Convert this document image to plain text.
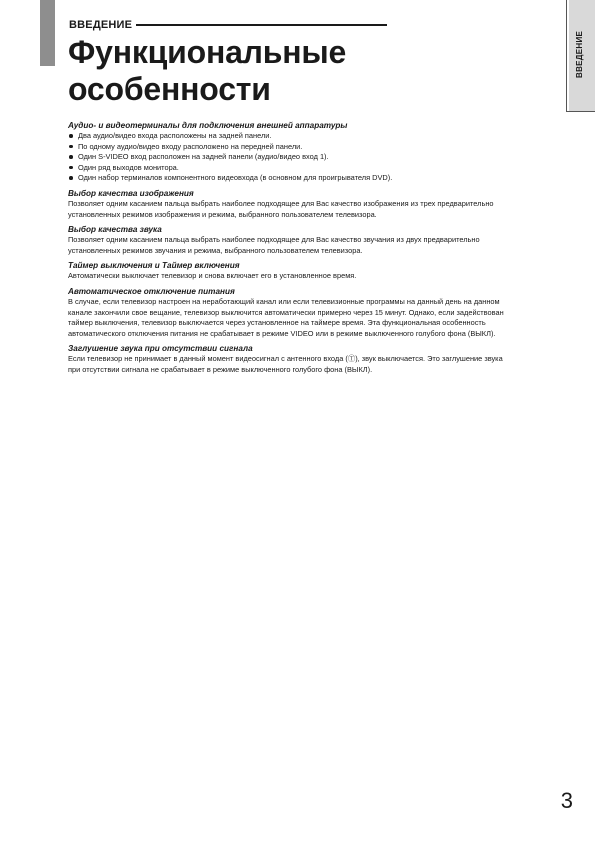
ВВЕДЕНИЕ
Функциональные
особенности
ВВЕДЕНИЕ

Аудио- и видеотерминалы для подключения внешней аппаратуры

Два аудио/видео входа расположены на задней панели.
По одному аудио/видео входу расположено на передней панели.
Один S-VIDEO вход расположен на задней панели (аудио/видео вход 1).
Один ряд выходов монитора.
Один набор терминалов компонентного видеовхода (в основном для проигрывателя DVD).

Выбор качества изображения

Позволяет одним касанием пальца выбрать наиболее подходящее для Вас качество изображения из трех предварительно установленных режимов изображения и режима, выбранного пользователем телевизора.

Выбор качества звука

Позволяет одним касанием пальца выбрать наиболее подходящее для Вас качество звучания из двух предварительно установленных режимов звучания и режима, выбранного пользователем телевизора.

Таймер выключения и Таймер включения

Автоматически выключает телевизор и снова включает его в установленное время.

Автоматическое отключение питания

В случае, если телевизор настроен на неработающий канал или если телевизионные программы на данный день на данном канале закончили свое вещание, телевизор выключится автоматически примерно через 15 минут. Однако, если задействован таймер выключения, телевизор выключается через установленное на таймере время. Эта функциональная особенность автоматического отключения питания не срабатывает в режиме VIDEO или в режиме выключенного голубого фона (ВЫКЛ).

Заглушение звука при отсутствии сигнала

Если телевизор не принимает в данный момент видеосигнал с антенного входа (Ⓣ), звук выключается. Это заглушение звука при отсутствии сигнала не срабатывает в режиме выключенного голубого фона (ВЫКЛ).

3
